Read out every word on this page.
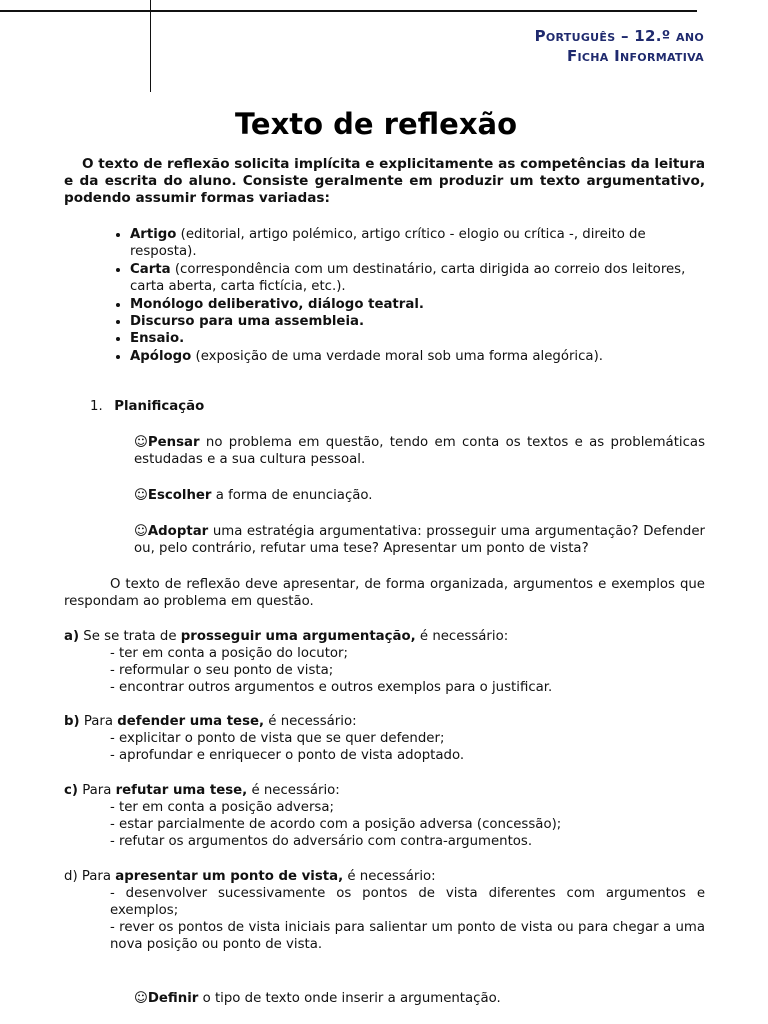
Português – 12.º ano
Ficha Informativa
Texto de reflexão
O texto de reflexão solicita implícita e explicitamente as competências da leitura e da escrita do aluno. Consiste geralmente em produzir um texto argumentativo, podendo assumir formas variadas:
• Artigo (editorial, artigo polémico, artigo crítico - elogio ou crítica -, direito de resposta).
• Carta (correspondência com um destinatário, carta dirigida ao correio dos leitores, carta aberta, carta fictícia, etc.).
• Monólogo deliberativo, diálogo teatral.
• Discurso para uma assembleia.
• Ensaio.
• Apólogo (exposição de uma verdade moral sob uma forma alegórica).
1. Planificação
☺Pensar no problema em questão, tendo em conta os textos e as problemáticas estudadas e a sua cultura pessoal.
☺Escolher a forma de enunciação.
☺Adoptar uma estratégia argumentativa: prosseguir uma argumentação? Defender ou, pelo contrário, refutar uma tese? Apresentar um ponto de vista?
O texto de reflexão deve apresentar, de forma organizada, argumentos e exemplos que respondam ao problema em questão.
a) Se se trata de prosseguir uma argumentação, é necessário:
- ter em conta a posição do locutor;
- reformular o seu ponto de vista;
- encontrar outros argumentos e outros exemplos para o justificar.
b) Para defender uma tese, é necessário:
- explicitar o ponto de vista que se quer defender;
- aprofundar e enriquecer o ponto de vista adoptado.
c) Para refutar uma tese, é necessário:
- ter em conta a posição adversa;
- estar parcialmente de acordo com a posição adversa (concessão);
- refutar os argumentos do adversário com contra-argumentos.
d) Para apresentar um ponto de vista, é necessário:
- desenvolver sucessivamente os pontos de vista diferentes com argumentos e exemplos;
- rever os pontos de vista iniciais para salientar um ponto de vista ou para chegar a uma nova posição ou ponto de vista.
☺Definir o tipo de texto onde inserir a argumentação.
